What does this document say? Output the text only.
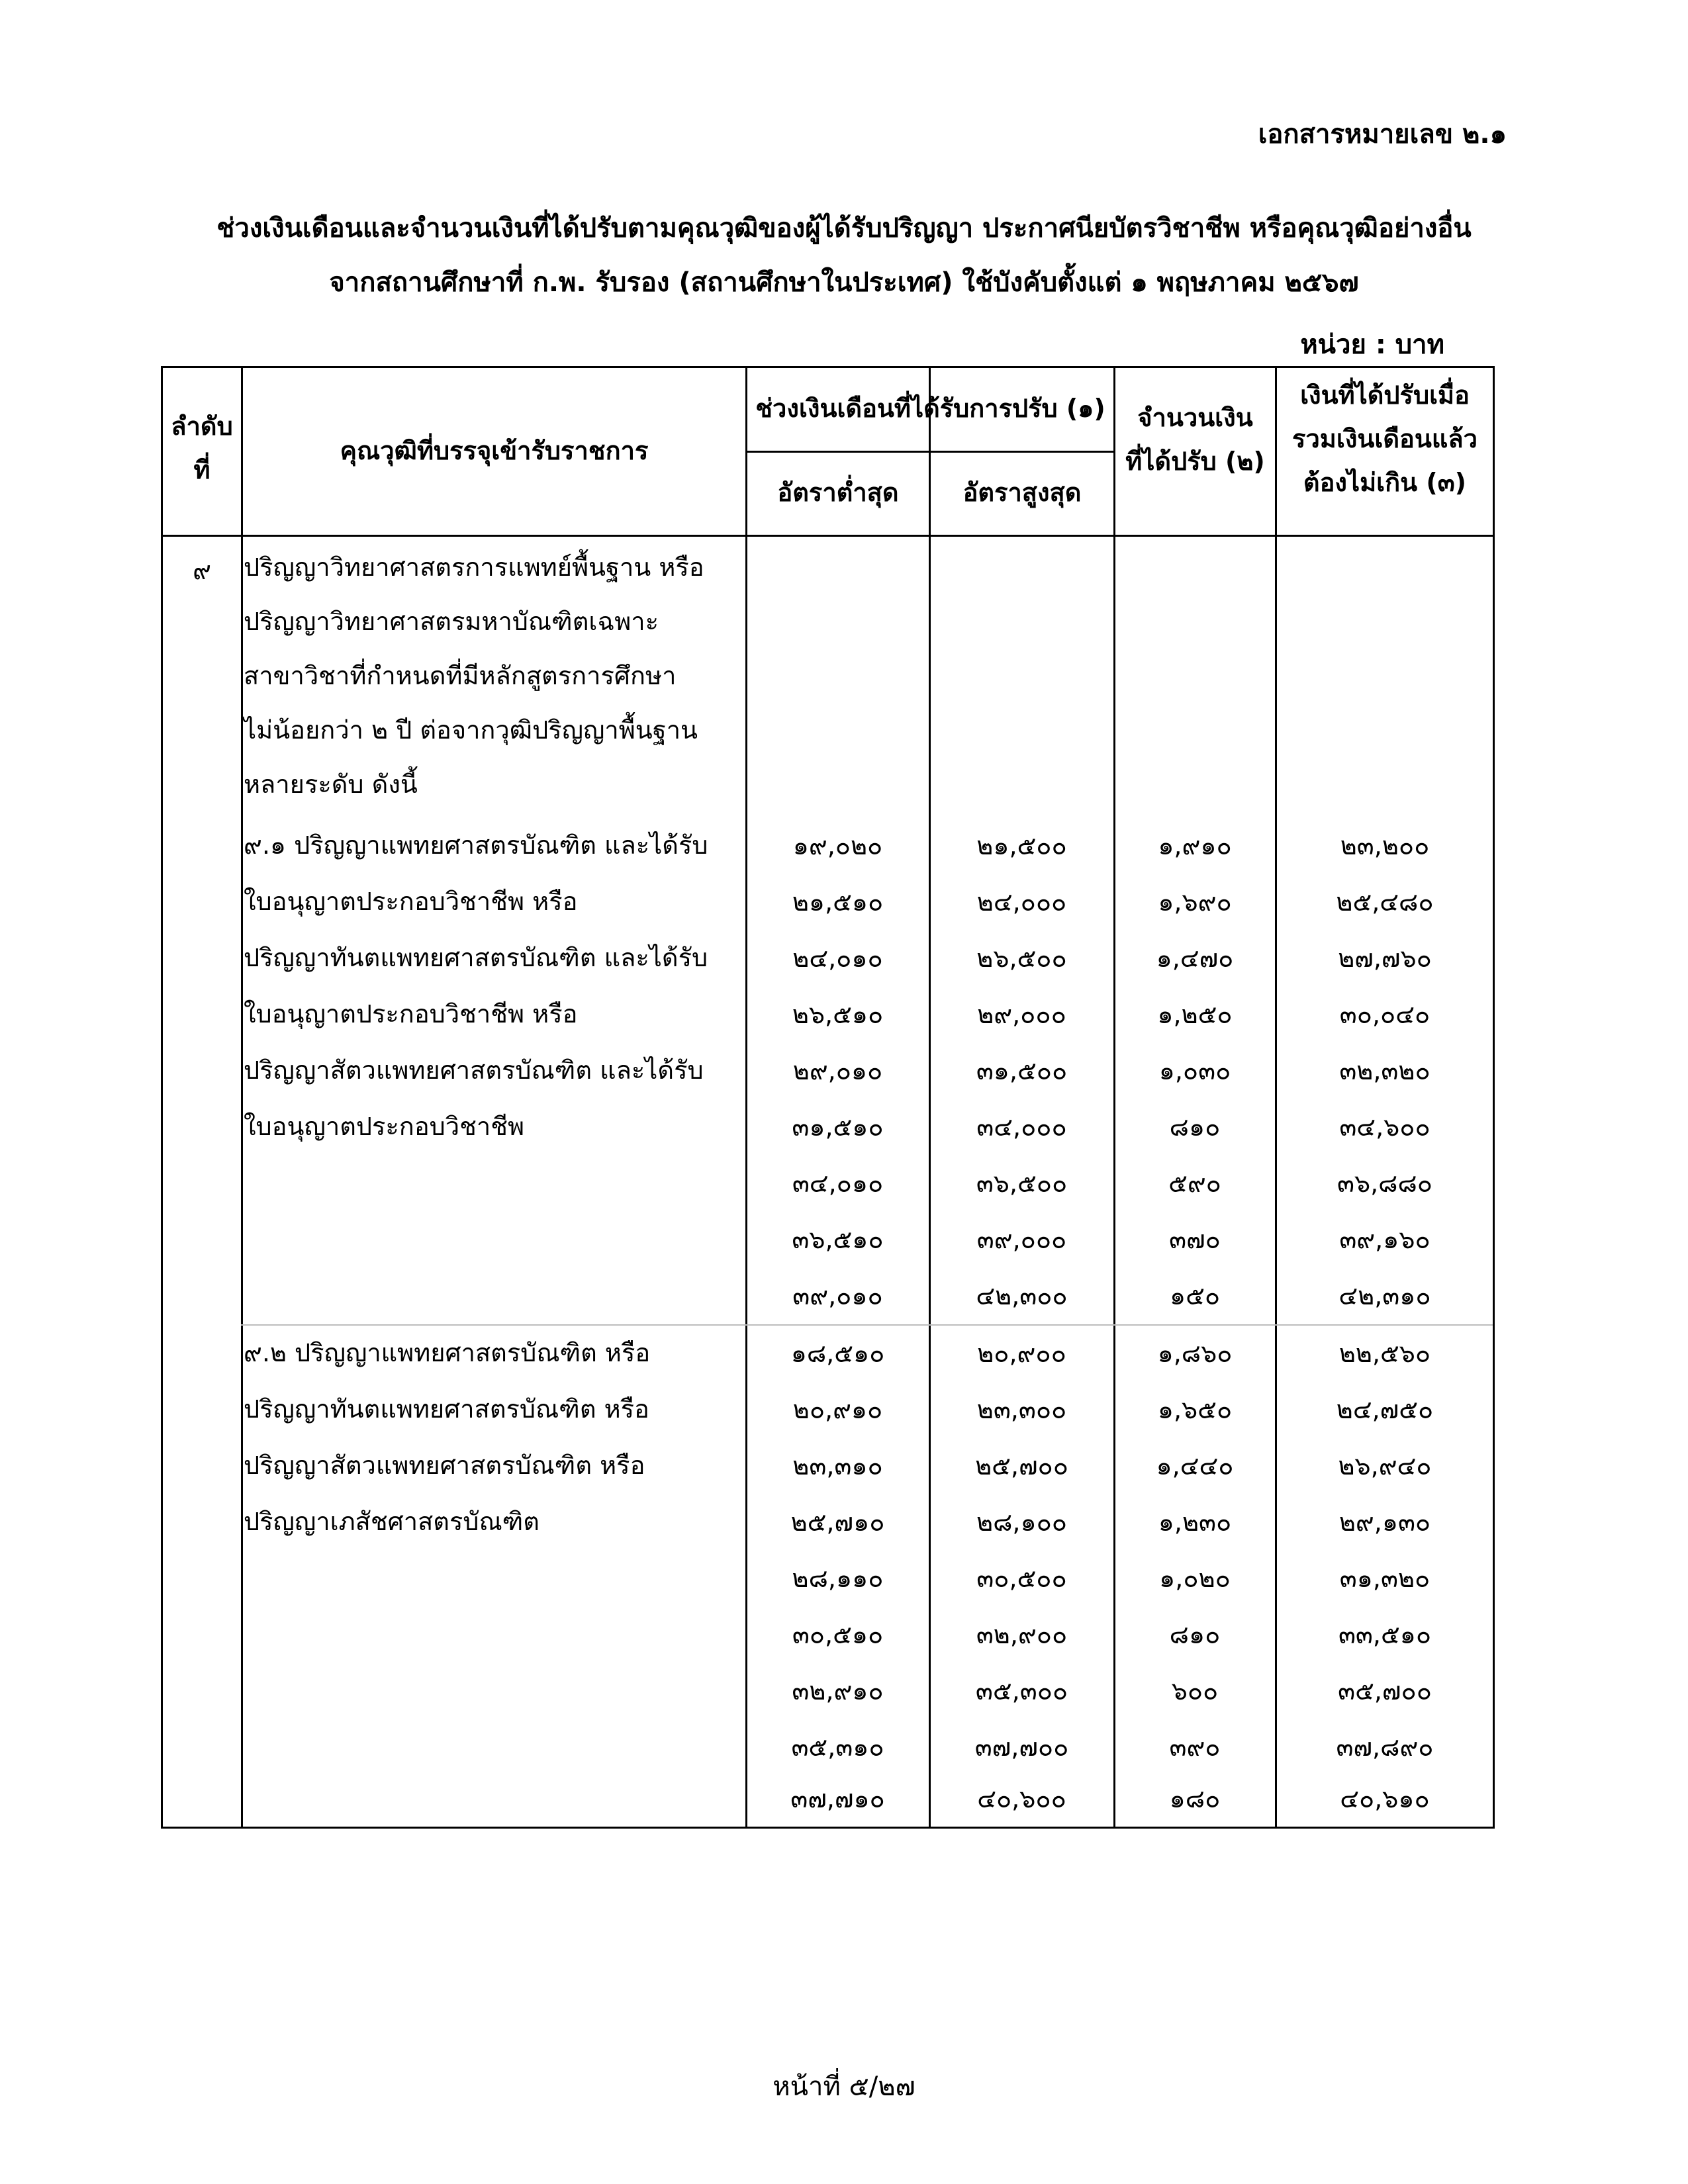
เอกสารหมายเลข ๒.๑
ช่วงเงินเดือนและจำนวนเงินที่ได้ปรับตามคุณวุฒิของผู้ได้รับปริญญา ประกาศนียบัตรวิชาชีพ หรือคุณวุฒิอย่างอื่น
จากสถานศึกษาที่ ก.พ. รับรอง (สถานศึกษาในประเทศ) ใช้บังคับตั้งแต่ ๑ พฤษภาคม ๒๕๖๗
หน่วย : บาท
ลำดับ
ที่
คุณวุฒิที่บรรจุเข้ารับราชการ
ช่วงเงินเดือนที่ได้รับการปรับ (๑)
อัตราต่ำสุด	อัตราสูงสุด
จำนวนเงิน
ที่ได้ปรับ (๒)
เงินที่ได้ปรับเมื่อ
รวมเงินเดือนแล้ว
ต้องไม่เกิน (๓)
๙	ปริญญาวิทยาศาสตรการแพทย์พื้นฐาน หรือ
ปริญญาวิทยาศาสตรมหาบัณฑิตเฉพาะ
สาขาวิชาที่กำหนดที่มีหลักสูตรการศึกษา
ไม่น้อยกว่า ๒ ปี ต่อจากวุฒิปริญญาพื้นฐาน
หลายระดับ ดังนี้
๙.๑ ปริญญาแพทยศาสตรบัณฑิต และได้รับ
ใบอนุญาตประกอบวิชาชีพ หรือ
ปริญญาทันตแพทยศาสตรบัณฑิต และได้รับ
ใบอนุญาตประกอบวิชาชีพ หรือ
ปริญญาสัตวแพทยศาสตรบัณฑิต และได้รับ
ใบอนุญาตประกอบวิชาชีพ
๑๙,๐๒๐	๒๑,๕๐๐	๑,๙๑๐	๒๓,๒๐๐
๒๑,๕๑๐	๒๔,๐๐๐	๑,๖๙๐	๒๕,๔๘๐
๒๔,๐๑๐	๒๖,๕๐๐	๑,๔๗๐	๒๗,๗๖๐
๒๖,๕๑๐	๒๙,๐๐๐	๑,๒๕๐	๓๐,๐๔๐
๒๙,๐๑๐	๓๑,๕๐๐	๑,๐๓๐	๓๒,๓๒๐
๓๑,๕๑๐	๓๔,๐๐๐	๘๑๐	๓๔,๖๐๐
๓๔,๐๑๐	๓๖,๕๐๐	๕๙๐	๓๖,๘๘๐
๓๖,๕๑๐	๓๙,๐๐๐	๓๗๐	๓๙,๑๖๐
๓๙,๐๑๐	๔๒,๓๐๐	๑๕๐	๔๒,๓๑๐
๙.๒ ปริญญาแพทยศาสตรบัณฑิต หรือ
ปริญญาทันตแพทยศาสตรบัณฑิต หรือ
ปริญญาสัตวแพทยศาสตรบัณฑิต หรือ
ปริญญาเภสัชศาสตรบัณฑิต
๑๘,๕๑๐	๒๐,๙๐๐	๑,๘๖๐	๒๒,๕๖๐
๒๐,๙๑๐	๒๓,๓๐๐	๑,๖๕๐	๒๔,๗๕๐
๒๓,๓๑๐	๒๕,๗๐๐	๑,๔๔๐	๒๖,๙๔๐
๒๕,๗๑๐	๒๘,๑๐๐	๑,๒๓๐	๒๙,๑๓๐
๒๘,๑๑๐	๓๐,๕๐๐	๑,๐๒๐	๓๑,๓๒๐
๓๐,๕๑๐	๓๒,๙๐๐	๘๑๐	๓๓,๕๑๐
๓๒,๙๑๐	๓๕,๓๐๐	๖๐๐	๓๕,๗๐๐
๓๕,๓๑๐	๓๗,๗๐๐	๓๙๐	๓๗,๘๙๐
๓๗,๗๑๐	๔๐,๖๐๐	๑๘๐	๔๐,๖๑๐
หน้าที่ ๕/๒๗
